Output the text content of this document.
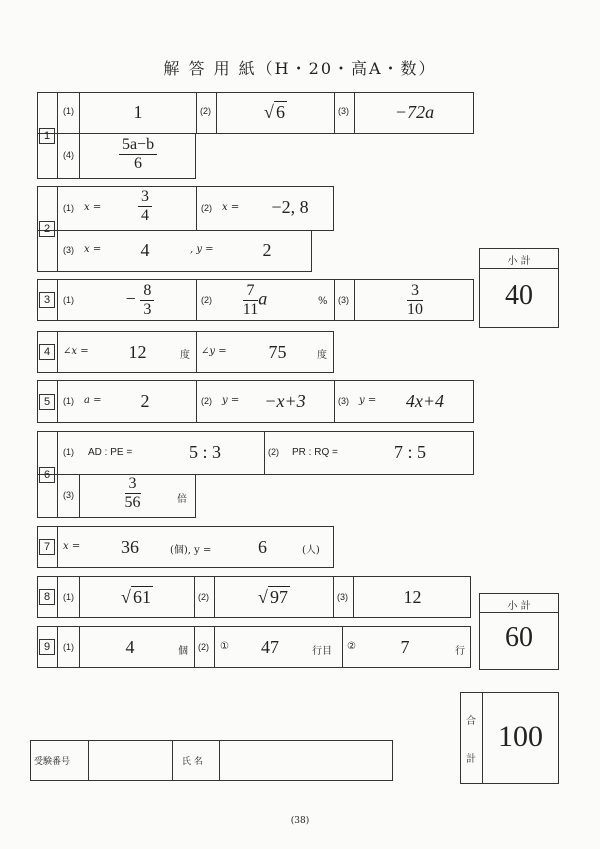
解 答 用 紙（H・20・高A・数）
1
(1)	1	(2)	√ 6	(3)	−72a
(4)	$\frac{5a-b}{6}$
2
(1) $x = \frac{3}{4}$	(2) x =	−2, 8
(3) x =	4	, y =	2
小 計
40
3	(1)	− $\frac{8}{3}$	$(2) \frac{7}{11}$ a	% (3)	$\frac{3}{10}$
4	∠x =	12	度 ∠y =	75	度
5	(1) a =	2	(2) y =	−x+3	(3) y =	4x+4
6
(1) AD : PE =	5 : 3	(2) PR : RQ =	7 : 5
(3)	$\frac{3}{56}$	倍
7	x =	36	(個), y =	6	(人)
8	(1)	√ 61	(2)	√ 97	(3)	12	小 計
60
9	(1)	4	個 (2) ①	47	行目 ②	7	行
合
計
100
受験番号	氏 名
(38)
